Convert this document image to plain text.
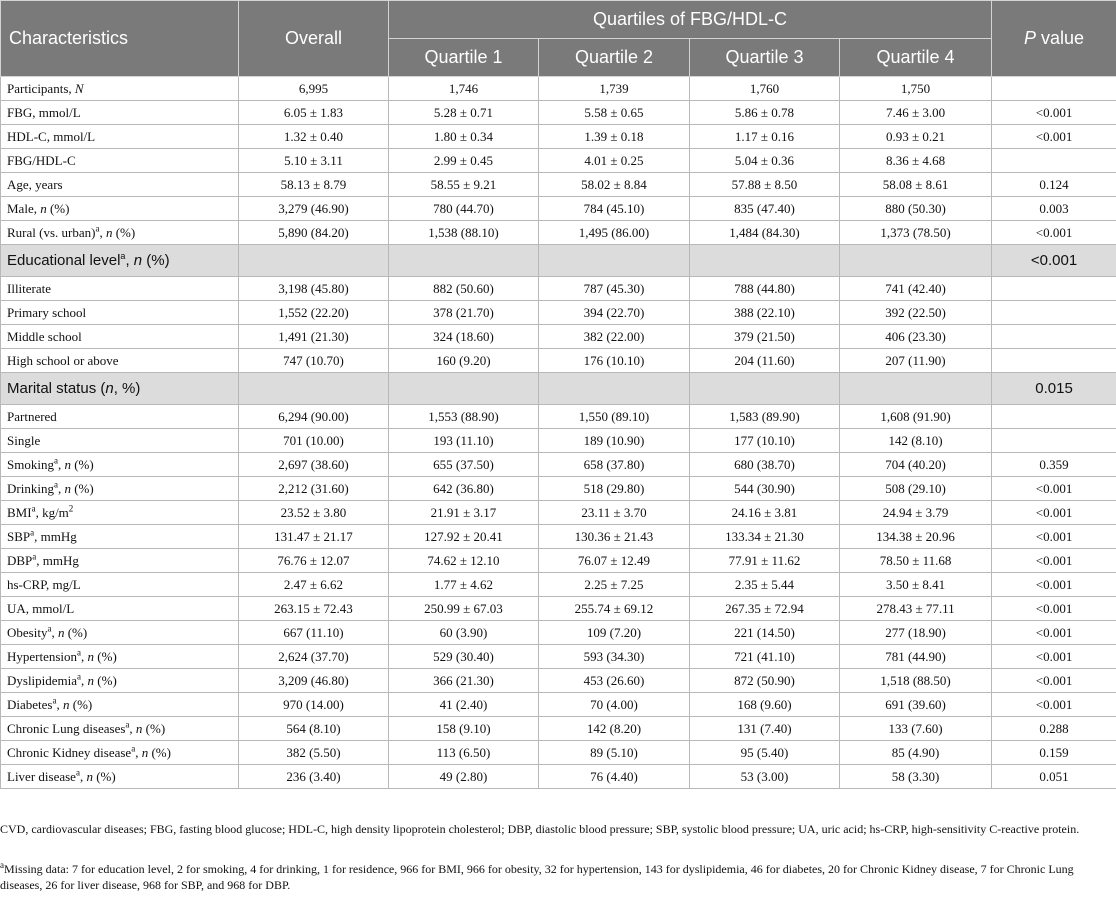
Characteristics	Overall	Quartiles of FBG/HDL-C				P value
		Quartile 1	Quartile 2	Quartile 3	Quartile 4	
Participants, N	6,995	1,746	1,739	1,760	1,750	
FBG, mmol/L	6.05 ± 1.83	5.28 ± 0.71	5.58 ± 0.65	5.86 ± 0.78	7.46 ± 3.00	<0.001
HDL-C, mmol/L	1.32 ± 0.40	1.80 ± 0.34	1.39 ± 0.18	1.17 ± 0.16	0.93 ± 0.21	<0.001
FBG/HDL-C	5.10 ± 3.11	2.99 ± 0.45	4.01 ± 0.25	5.04 ± 0.36	8.36 ± 4.68	
Age, years	58.13 ± 8.79	58.55 ± 9.21	58.02 ± 8.84	57.88 ± 8.50	58.08 ± 8.61	0.124
Male, n (%)	3,279 (46.90)	780 (44.70)	784 (45.10)	835 (47.40)	880 (50.30)	0.003
Rural (vs. urban)$^a$, n (%)	5,890 (84.20)	1,538 (88.10)	1,495 (86.00)	1,484 (84.30)	1,373 (78.50)	<0.001
Educational level$^a$, n (%)						<0.001
Illiterate	3,198 (45.80)	882 (50.60)	787 (45.30)	788 (44.80)	741 (42.40)	
Primary school	1,552 (22.20)	378 (21.70)	394 (22.70)	388 (22.10)	392 (22.50)	
Middle school	1,491 (21.30)	324 (18.60)	382 (22.00)	379 (21.50)	406 (23.30)	
High school or above	747 (10.70)	160 (9.20)	176 (10.10)	204 (11.60)	207 (11.90)	
Marital status (n, %)						0.015
Partnered	6,294 (90.00)	1,553 (88.90)	1,550 (89.10)	1,583 (89.90)	1,608 (91.90)	
Single	701 (10.00)	193 (11.10)	189 (10.90)	177 (10.10)	142 (8.10)	
Smoking$^a$, n (%)	2,697 (38.60)	655 (37.50)	658 (37.80)	680 (38.70)	704 (40.20)	0.359
Drinking$^a$, n (%)	2,212 (31.60)	642 (36.80)	518 (29.80)	544 (30.90)	508 (29.10)	<0.001
BMI$^a$, $kg/m^2$	23.52 ± 3.80	21.91 ± 3.17	23.11 ± 3.70	24.16 ± 3.81	24.94 ± 3.79	<0.001
SBP$^a$, mmHg	131.47 ± 21.17	127.92 ± 20.41	130.36 ± 21.43	133.34 ± 21.30	134.38 ± 20.96	<0.001
DBP$^a$, mmHg	76.76 ± 12.07	74.62 ± 12.10	76.07 ± 12.49	77.91 ± 11.62	78.50 ± 11.68	<0.001
hs-CRP, mg/L	2.47 ± 6.62	1.77 ± 4.62	2.25 ± 7.25	2.35 ± 5.44	3.50 ± 8.41	<0.001
UA, mmol/L	263.15 ± 72.43	250.99 ± 67.03	255.74 ± 69.12	267.35 ± 72.94	278.43 ± 77.11	<0.001
Obesity$^a$, n (%)	667 (11.10)	60 (3.90)	109 (7.20)	221 (14.50)	277 (18.90)	<0.001
Hypertension$^a$, n (%)	2,624 (37.70)	529 (30.40)	593 (34.30)	721 (41.10)	781 (44.90)	<0.001
Dyslipidemia$^a$, n (%)	3,209 (46.80)	366 (21.30)	453 (26.60)	872 (50.90)	1,518 (88.50)	<0.001
Diabetes$^a$, n (%)	970 (14.00)	41 (2.40)	70 (4.00)	168 (9.60)	691 (39.60)	<0.001
Chronic Lung diseases$^a$, n (%)	564 (8.10)	158 (9.10)	142 (8.20)	131 (7.40)	133 (7.60)	0.288
Chronic Kidney disease$^a$, n (%)	382 (5.50)	113 (6.50)	89 (5.10)	95 (5.40)	85 (4.90)	0.159
Liver disease$^a$, n (%)	236 (3.40)	49 (2.80)	76 (4.40)	53 (3.00)	58 (3.30)	0.051
CVD, cardiovascular diseases; FBG, fasting blood glucose; HDL-C, high density lipoprotein cholesterol; DBP, diastolic blood pressure; SBP, systolic blood pressure; UA, uric acid; hs-CRP, high-sensitivity C-reactive protein.
$^a$Missing data: 7 for education level, 2 for smoking, 4 for drinking, 1 for residence, 966 for BMI, 966 for obesity, 32 for hypertension, 143 for dyslipidemia, 46 for diabetes, 20 for Chronic Kidney disease, 7 for Chronic Lung diseases, 26 for liver disease, 968 for SBP, and 968 for DBP.
